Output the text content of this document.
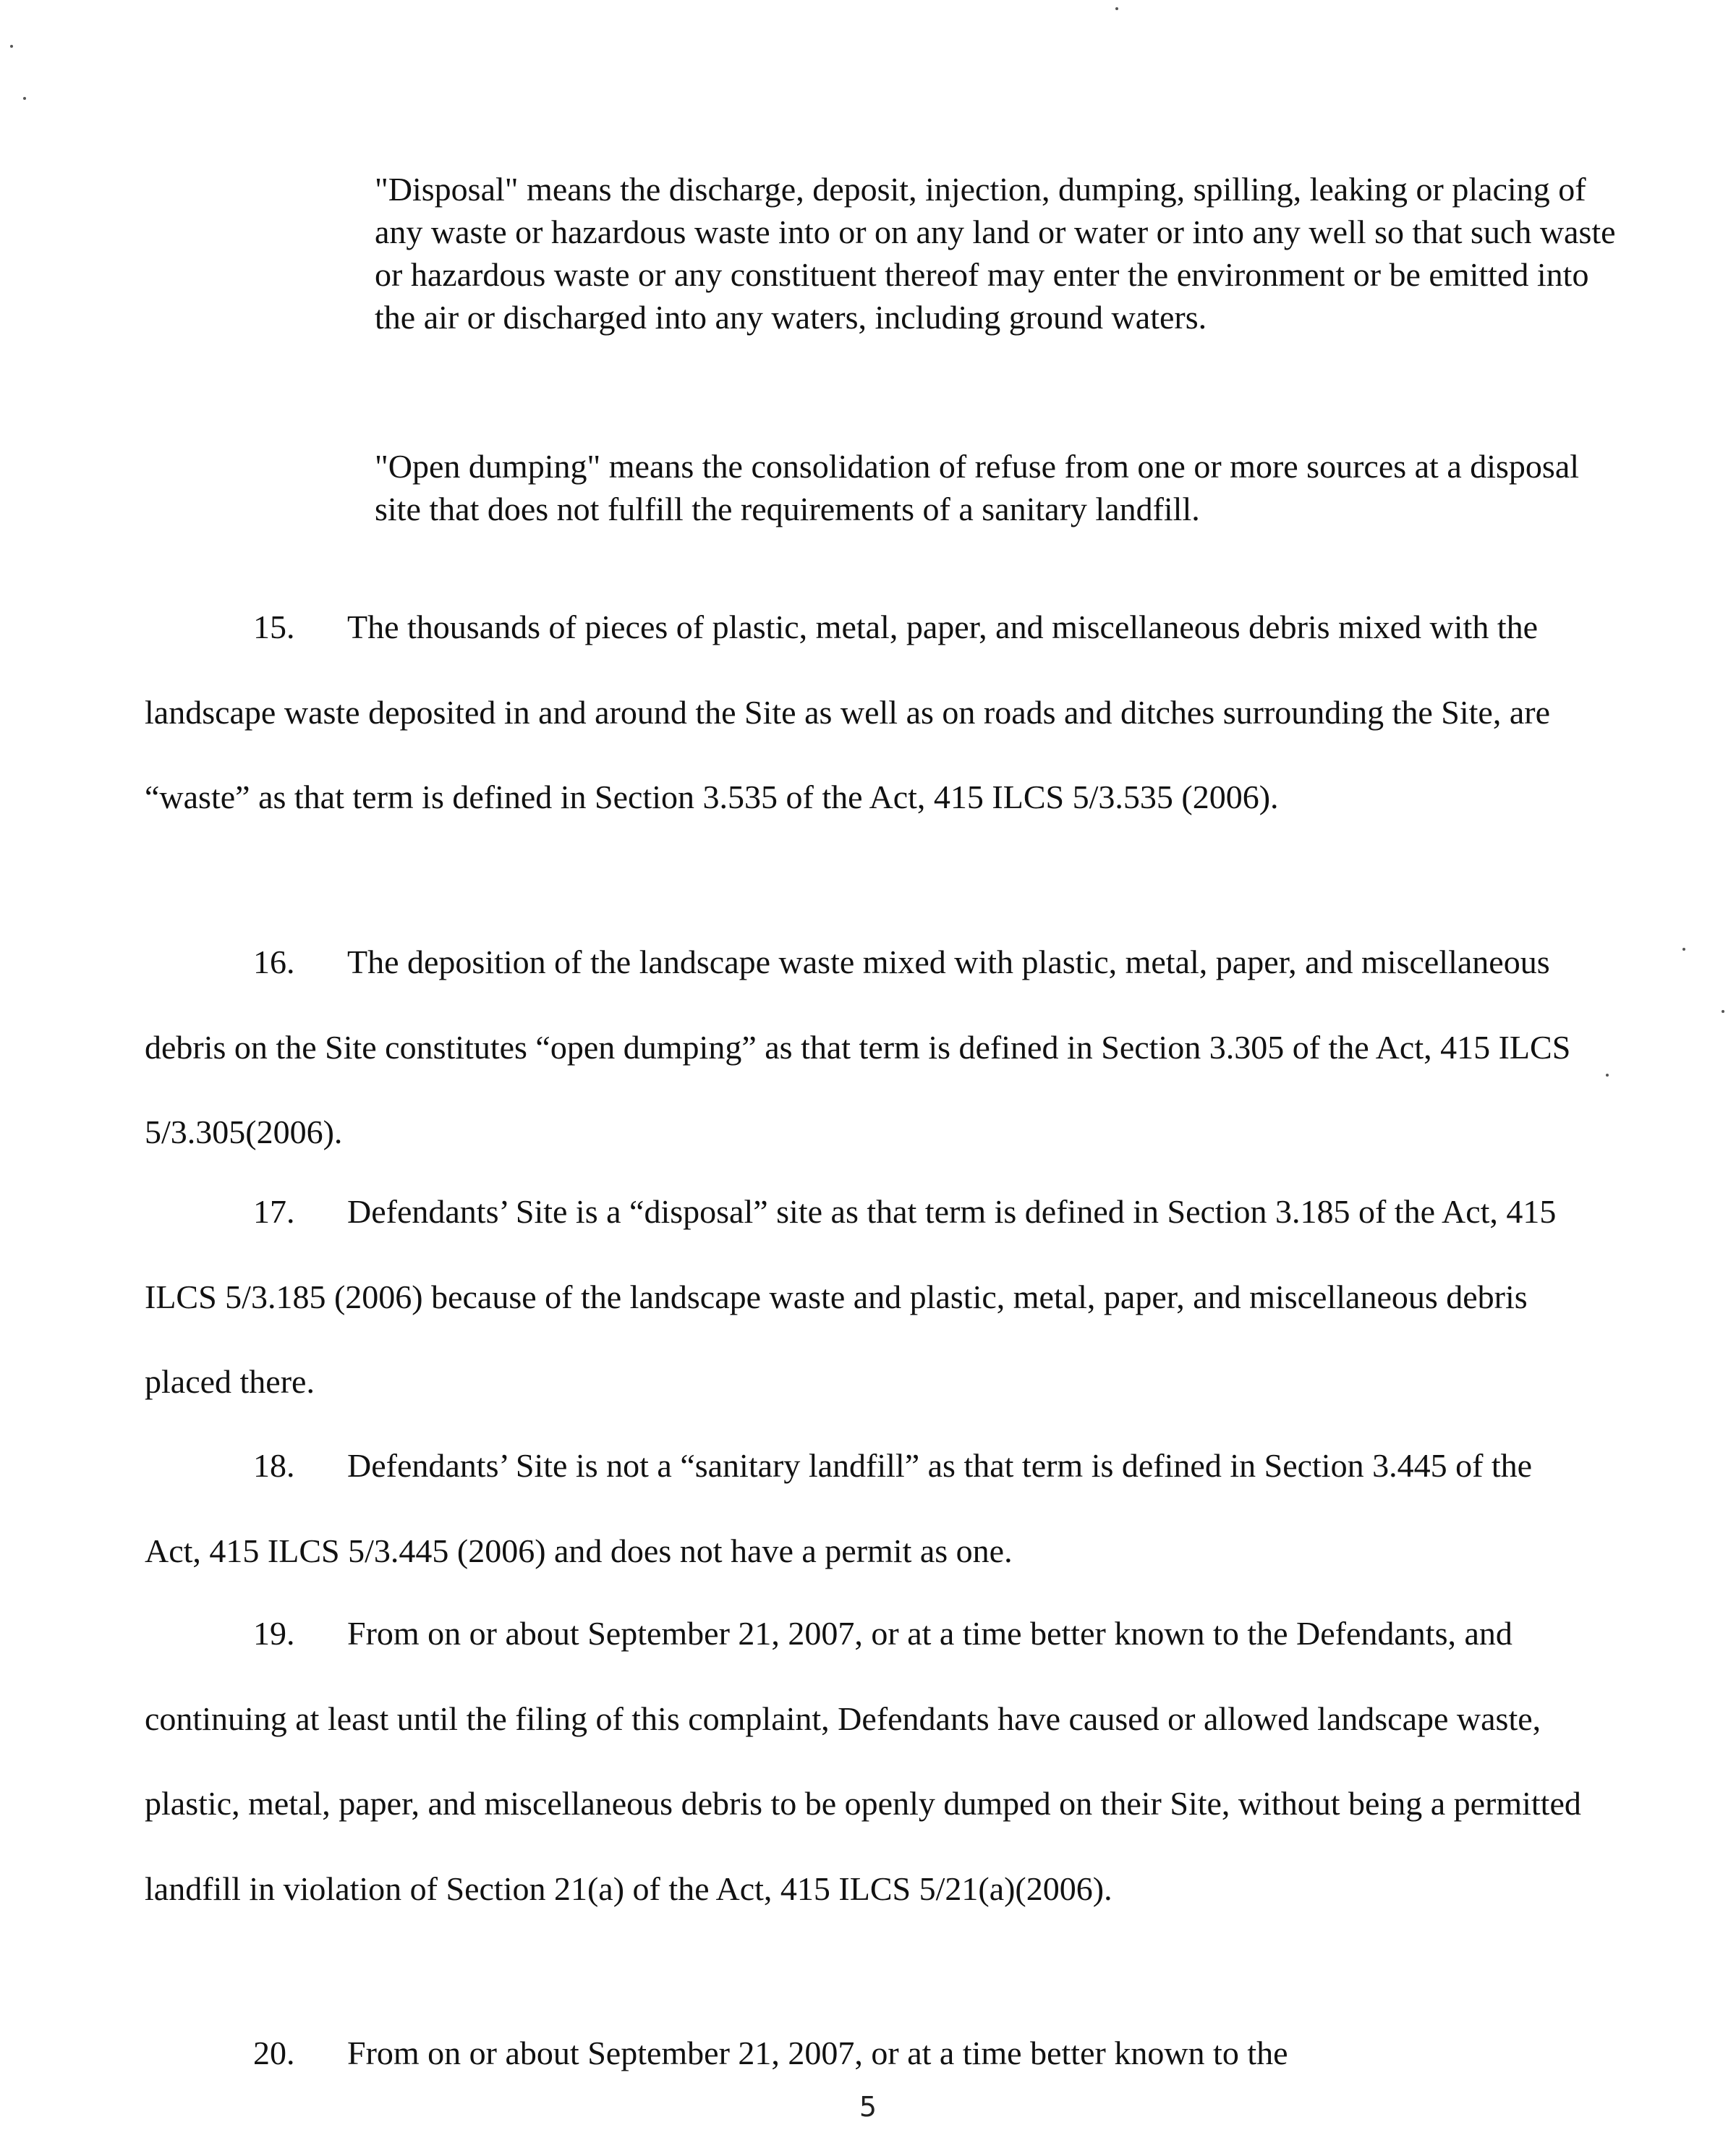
"Disposal" means the discharge, deposit, injection, dumping, spilling, leaking or placing of any waste or hazardous waste into or on any land or water or into any well so that such waste or hazardous waste or any constituent thereof may enter the environment or be emitted into the air or discharged into any waters, including ground waters.
"Open dumping" means the consolidation of refuse from one or more sources at a disposal site that does not fulfill the requirements of a sanitary landfill.

15. The thousands of pieces of plastic, metal, paper, and miscellaneous debris mixed with the landscape waste deposited in and around the Site as well as on roads and ditches surrounding the Site, are “waste” as that term is defined in Section 3.535 of the Act, 415 ILCS 5/3.535 (2006).

16. The deposition of the landscape waste mixed with plastic, metal, paper, and miscellaneous debris on the Site constitutes “open dumping” as that term is defined in Section 3.305 of the Act, 415 ILCS 5/3.305(2006).

17. Defendants’ Site is a “disposal” site as that term is defined in Section 3.185 of the Act, 415 ILCS 5/3.185 (2006) because of the landscape waste and plastic, metal, paper, and miscellaneous debris placed there.

18. Defendants’ Site is not a “sanitary landfill” as that term is defined in Section 3.445 of the Act, 415 ILCS 5/3.445 (2006) and does not have a permit as one.

19. From on or about September 21, 2007, or at a time better known to the Defendants, and continuing at least until the filing of this complaint, Defendants have caused or allowed landscape waste, plastic, metal, paper, and miscellaneous debris to be openly dumped on their Site, without being a permitted landfill in violation of Section 21(a) of the Act, 415 ILCS 5/21(a)(2006).

20. From on or about September 21, 2007, or at a time better known to the

5
